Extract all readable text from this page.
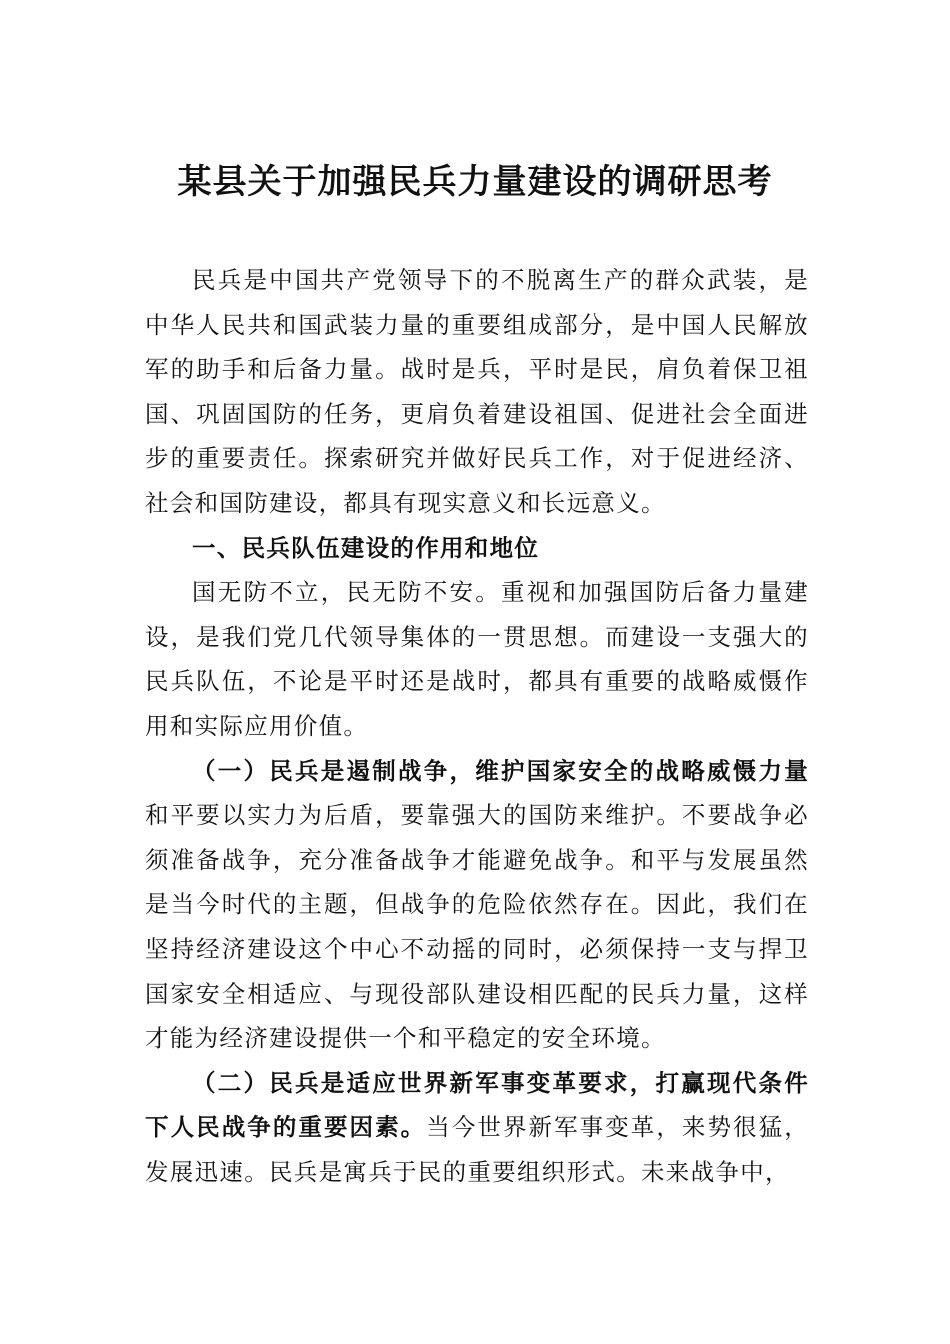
某县关于加强民兵力量建设的调研思考

民兵是中国共产党领导下的不脱离生产的群众武装，是中华人民共和国武装力量的重要组成部分，是中国人民解放军的助手和后备力量。战时是兵，平时是民，肩负着保卫祖国、巩固国防的任务，更肩负着建设祖国、促进社会全面进步的重要责任。探索研究并做好民兵工作，对于促进经济、社会和国防建设，都具有现实意义和长远意义。

一、民兵队伍建设的作用和地位

国无防不立，民无防不安。重视和加强国防后备力量建设，是我们党几代领导集体的一贯思想。而建设一支强大的民兵队伍，不论是平时还是战时，都具有重要的战略威慑作用和实际应用价值。

（一）民兵是遏制战争，维护国家安全的战略威慑力量和平要以实力为后盾，要靠强大的国防来维护。不要战争必须准备战争，充分准备战争才能避免战争。和平与发展虽然是当今时代的主题，但战争的危险依然存在。因此，我们在坚持经济建设这个中心不动摇的同时，必须保持一支与捍卫国家安全相适应、与现役部队建设相匹配的民兵力量，这样才能为经济建设提供一个和平稳定的安全环境。

（二）民兵是适应世界新军事变革要求，打赢现代条件下人民战争的重要因素。当今世界新军事变革，来势很猛，发展迅速。民兵是寓兵于民的重要组织形式。未来战争中，
